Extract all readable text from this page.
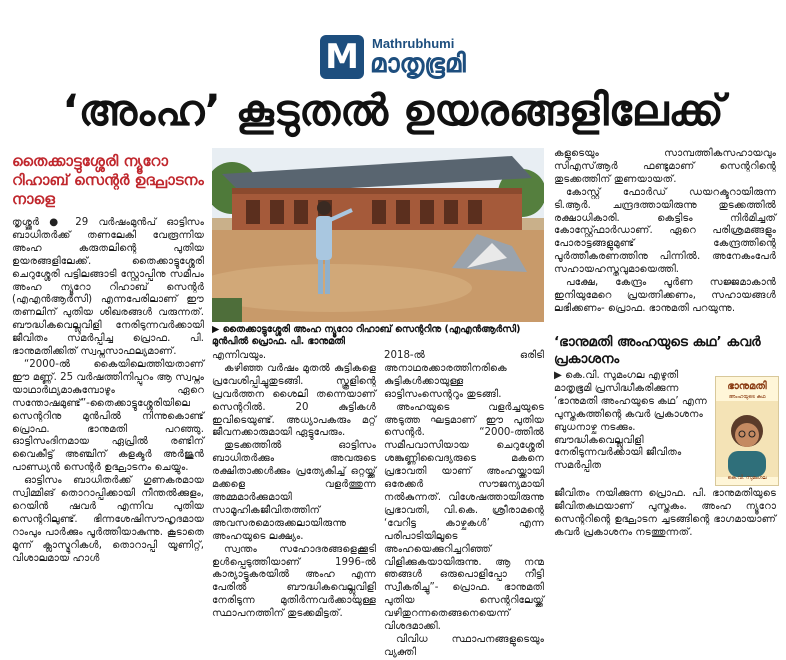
M	Mathrubhumi
മാതൃഭൂമി
‘അംഹ’ കൂടുതൽ ഉയരങ്ങളിലേക്ക്
തൈക്കാട്ടുശ്ശേരി ന്യൂറോ റിഹാബ് സെന്റർ ഉദ്ഘാടനം നാളെ

തൃശ്ശൂർ ● 29 വർഷംമുൻപ് ഓട്ടിസം ബാധിതർക്ക് തണലേകി വേരൂന്നിയ അംഹ കരുതലിന്റെ പുതിയ ഉയരങ്ങളിലേക്ക്. തൈക്കാട്ടുശ്ശേരി ചെറുശ്ശേരി പട്ടിലങ്ങാടി സ്റ്റോപ്പിനു സമീപം അംഹ ന്യൂറോ റിഹാബ് സെന്റർ (എഎൻആർസി) എന്നപേരിലാണ് ഈ തണലിന് പുതിയ ശിഖരങ്ങൾ വരുന്നത്. ബൗദ്ധികവെല്ലുവിളി നേരിടുന്നവർക്കായി ജീവിതം സമർപ്പിച്ച പ്രൊഫ. പി. ഭാനുമതിക്കിത് സ്വപ്നസാഫല്യമാണ്.

“2000-ൽ കൈയിലെത്തിയതാണ് ഈ മണ്ണ്. 25 വർഷത്തിനിപ്പുറം ആ സ്വപ്നം യാഥാർഥ്യമാകുമ്പോഴും ഏറെ സന്തോഷമുണ്ട്”-തൈക്കാട്ടുശ്ശേരിയിലെ സെന്ററിനു മുൻപിൽ നിന്നുകൊണ്ട് പ്രൊഫ. ഭാനുമതി പറഞ്ഞു. ഓട്ടിസംദിനമായ ഏപ്രിൽ രണ്ടിന് വൈകീട്ട് അഞ്ചിന് കളക്ടർ അർജുൻ പാണ്ഡ്യൻ സെന്റർ ഉദ്ഘാടനം ചെയ്യും.

ഓട്ടിസം ബാധിതർക്ക് ഗുണകരമായ സ്വിമ്മിങ് തൊറാപ്പിക്കായി നീന്തൽക്കുളം, റെയിൻ ഷവർ എന്നിവ പുതിയ സെന്ററിലുണ്ട്. ഭിന്നശേഷിസൗഹൃദമായ റാംപും പാർക്കും പൂർത്തിയാകുന്നു. കൂടാതെ മൂന്ന് ക്ലാസ്മുറികൾ, തൊറാപ്പി യൂണിറ്റ്, വിശാലമായ ഹാൾ

▶ തൈക്കാട്ടുശ്ശേരി അംഹ ന്യൂറോ റിഹാബ് സെന്ററിനു (എഎൻആർസി) മുൻപിൽ പ്രൊഫ. പി. ഭാനുമതി

എന്നിവയും.

കഴിഞ്ഞ വർഷം മുതൽ കുട്ടികളെ പ്രവേശിപ്പിച്ചുതുടങ്ങി. സ്കൂളിന്റെ പ്രവർത്തന ശൈലി തന്നെയാണ് സെന്ററിൽ. 20 കുട്ടികൾ ഇവിടെയുണ്ട്. അധ്യാപകരും മറ്റ് ജീവനക്കാരുമായി ഏട്ടുപേരും.

തുടക്കത്തിൽ ഓട്ടിസം ബാധിതർക്കും അവരുടെ രക്ഷിതാക്കൾക്കും പ്രത്യേകിച്ച് ഒറ്റയ്ക്ക് മക്കളെ വളർത്തുന്ന അമ്മമാർക്കുമായി സാമൂഹികജീവിതത്തിന് അവസരമൊരുക്കലായിരുന്നു അംഹയുടെ ലക്ഷ്യം.

സ്വന്തം സഹോദരങ്ങളെക്കൂടി ഉൾപ്പെടുത്തിയാണ് 1996-ൽ കാര്യാട്ടുകരയിൽ അംഹ എന്ന പേരിൽ ബൗദ്ധികവെല്ലുവിളി നേരിടുന്ന മുതിർന്നവർക്കായുള്ള സ്ഥാപനത്തിന് തുടക്കമിട്ടത്.

2018-ൽ ഒരിടി അനാഥരക്കാരത്തിനരികെ കുട്ടികൾക്കായുള്ള ഓട്ടിസംസെന്ററും തുടങ്ങി.

അംഹയുടെ വളർച്ചയുടെ അടുത്ത ഘട്ടമാണ് ഈ പുതിയ സെന്റർ. “2000-ത്തിൽ സമീപവാസിയായ ചെറുശ്ശേരി ശങ്കുണ്ണിവൈദ്യരുടെ മകനെ പ്രഭാവതി യാണ് അംഹയ്ക്കായി ഒരേക്കർ സൗജന്യമായി നൽകുന്നത്. വിശേഷത്തായിരുന്നു പ്രഭാവതി, വി.കെ. ശ്രീരാമന്റെ ‘വേറിട്ട കാഴ്ചകൾ’ എന്ന പരിപാടിയിലൂടെ അംഹയെക്കുറിച്ചറിഞ്ഞ് വിളിക്കുകയായിരുന്നു. ആ നന്മ ഞങ്ങൾ ഒരുപൊളിപ്പോ നീട്ടി സ്വീകരിച്ചു”- പ്രൊഫ. ഭാനുമതി പുതിയ സെന്ററിലേയ്ക്ക് വഴിതുറന്നതെങ്ങനെയെന്ന് വിശദമാക്കി.

വിവിധ സ്ഥാപനങ്ങളുടെയും വ്യക്തി

കളുടെയും സാമ്പത്തികസഹായവും സിഎസ്ആർ ഫണ്ടുമാണ് സെന്ററിന്റെ തുടക്കത്തിന് തുണയായത്.

കോസ്റ്റ് ഫോർഡ് ഡയറക്ടറായിരുന്ന ടി.ആർ. ചന്ദ്രദത്തായിരുന്നു തുടക്കത്തിൽ രക്ഷാധികാരി. കെട്ടിടം നിർമിച്ചത് കോസ്റ്റ്ഫോർഡാണ്. ഏറെ പരിശ്രമങ്ങളും പോരാട്ടങ്ങളുമുണ്ട് കേന്ദ്രത്തിന്റെ പൂർത്തീകരണത്തിനു പിന്നിൽ. അനേകംപേർ സഹായഹസ്തവുമായെത്തി.

പക്ഷേ, കേന്ദ്രം പൂർണ സജ്ജമാകാൻ ഇനിയുമേറെ പ്രയത്നിക്കണം, സഹായങ്ങൾ ലഭിക്കണം- പ്രൊഫ. ഭാനുമതി പറയുന്നു.

‘ഭാനുമതി അംഹയുടെ കഥ’ കവർ പ്രകാശനം
▶ കെ.വി. സുമംഗല എഴുതി മാതൃഭൂമി പ്രസിദ്ധീകരിക്കുന്ന ‘ഭാനുമതി അംഹയുടെ കഥ’ എന്ന പുസ്തകത്തിന്റെ കവർ പ്രകാശനം ബുധനാഴ്ച നടക്കും. ബൗദ്ധികവെല്ലുവിളി നേരിടുന്നവർക്കായി ജീവിതം സമർപ്പിത
ഭാനുമതി
അംഹയുടെ കഥ
കെ.വി. സുമംഗല
ജീവിതം നയിക്കുന്ന പ്രൊഫ. പി. ഭാനുമതിയുടെ ജീവിതകഥയാണ് പുസ്തകം. അംഹ ന്യൂറോ സെന്ററിന്റെ ഉദ്ഘാടന ച്ചടങ്ങിന്റെ ഭാഗമായാണ് കവർ പ്രകാശനം നടത്തുന്നത്.
